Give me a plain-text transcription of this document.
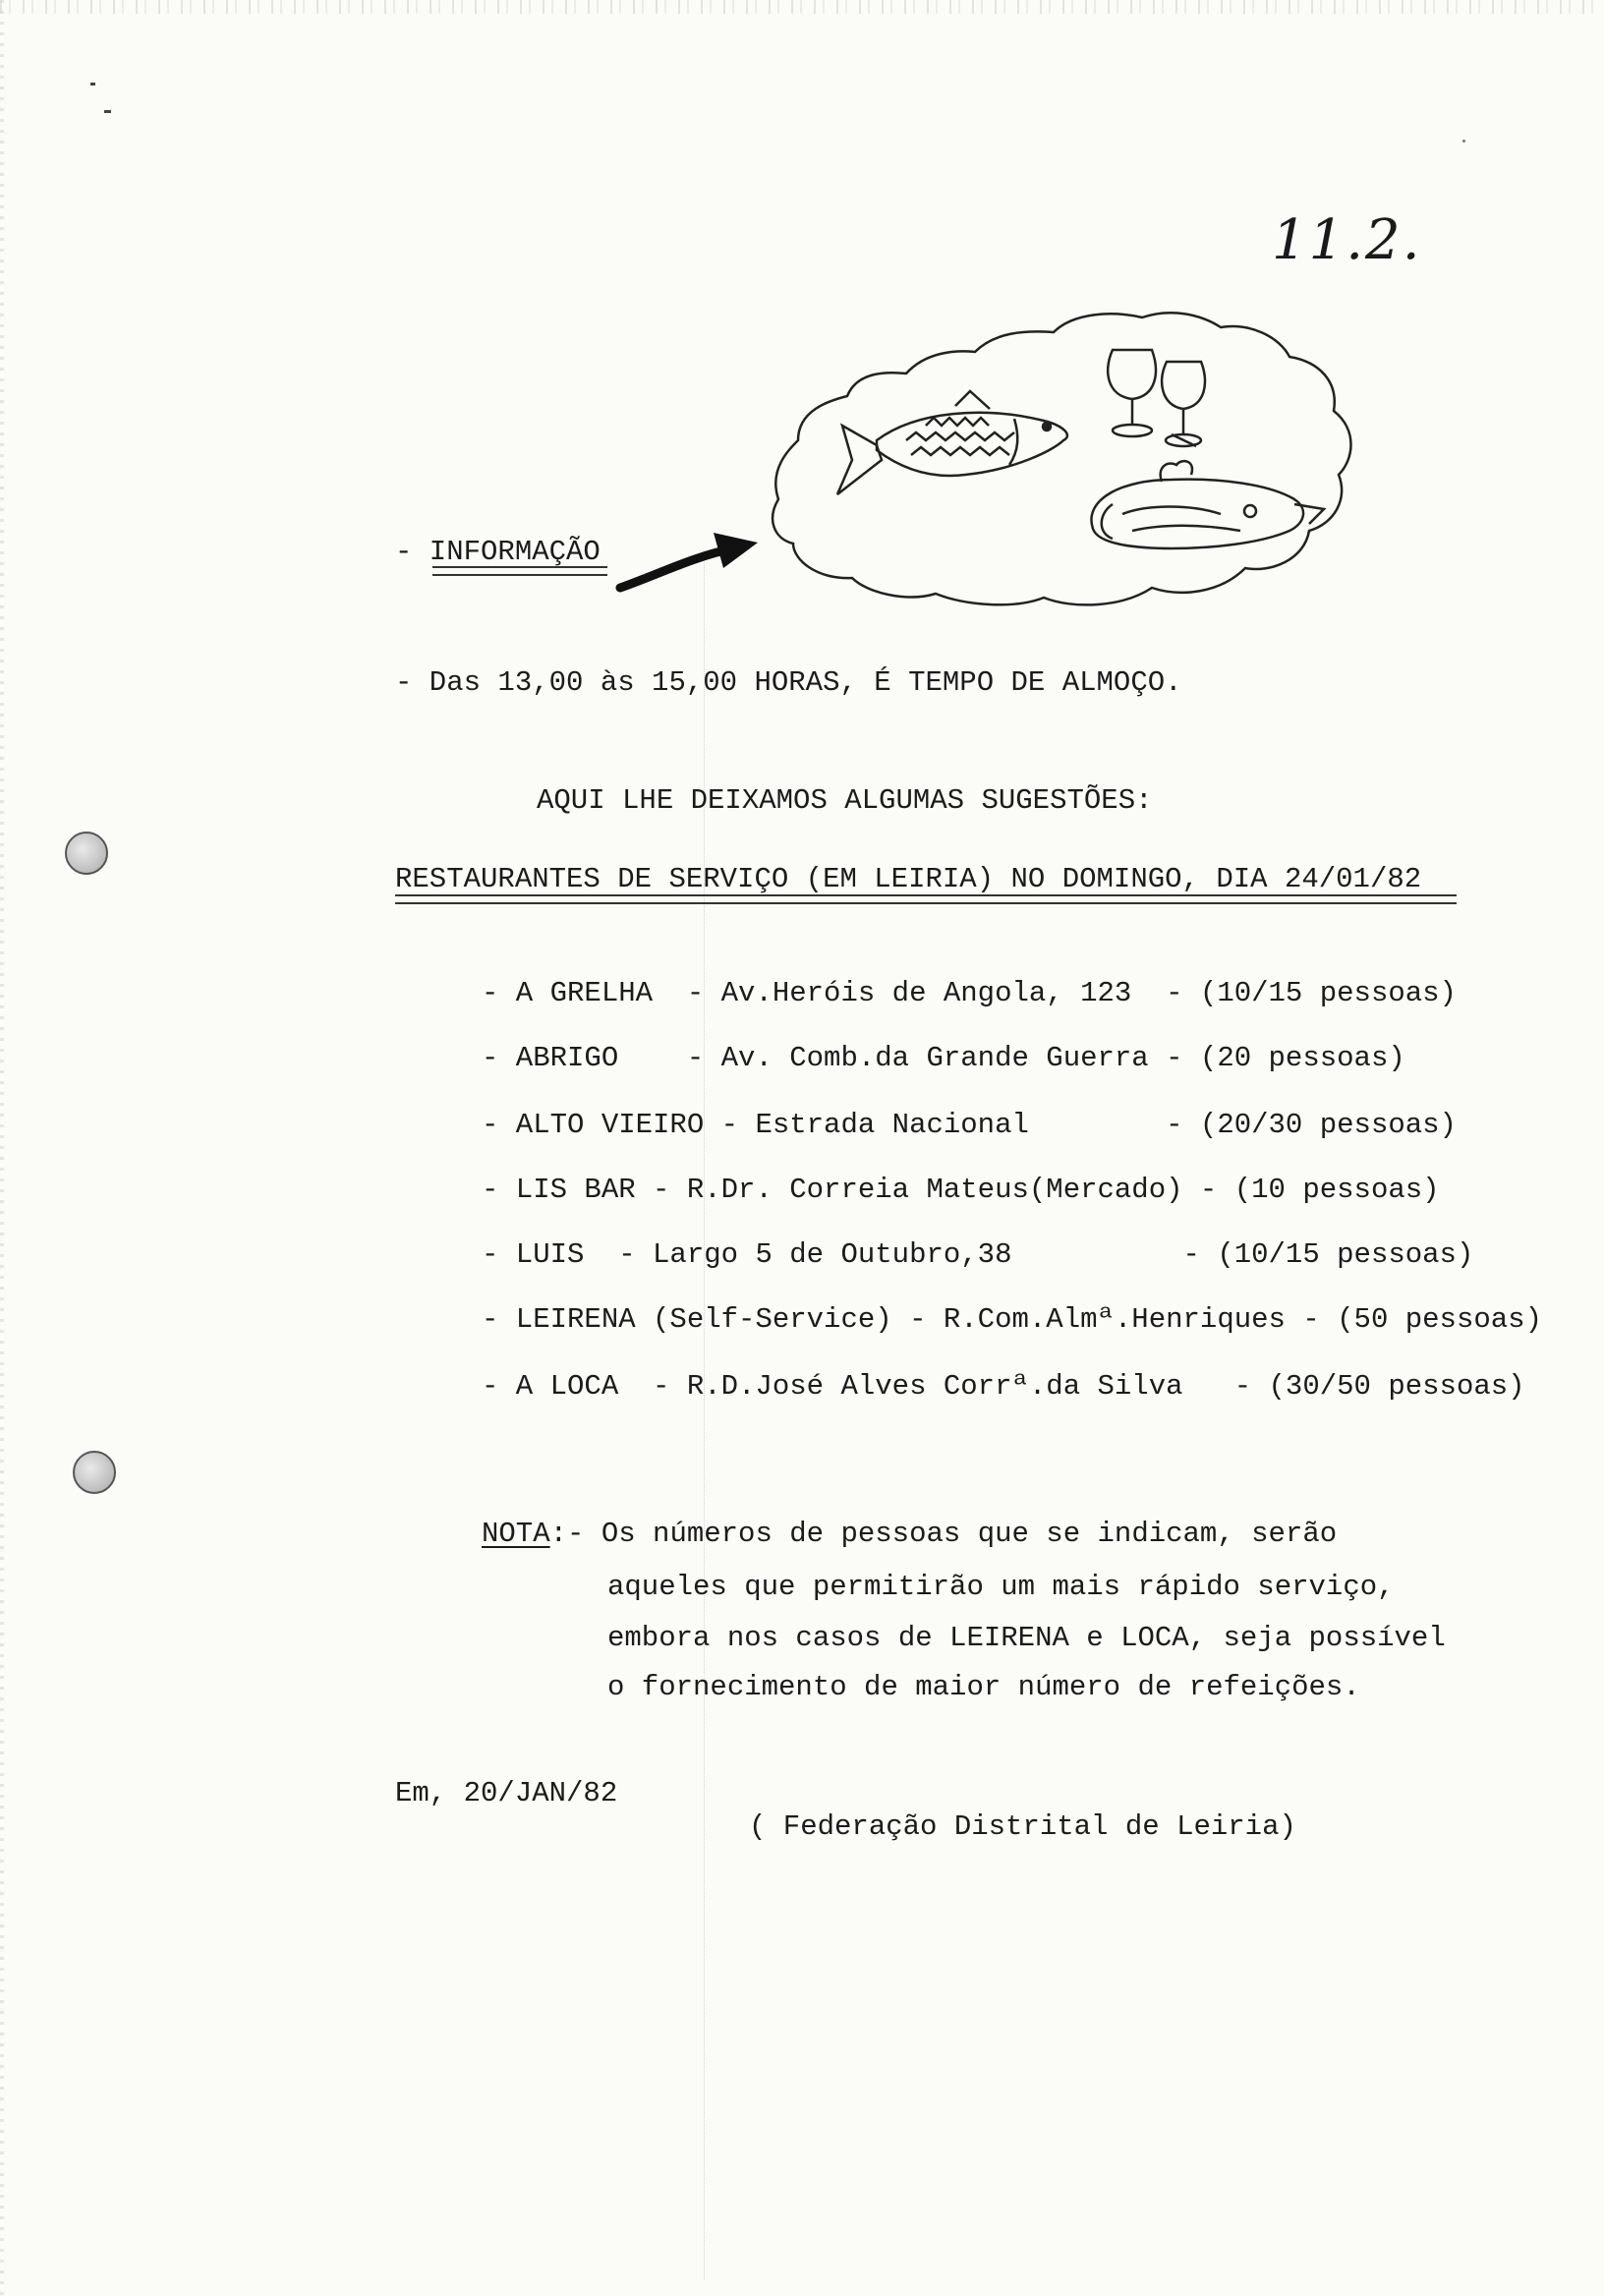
11.2.
- INFORMAÇÃO
- Das 13,00 às 15,00 HORAS, É TEMPO DE ALMOÇO.
AQUI LHE DEIXAMOS ALGUMAS SUGESTÕES:
RESTAURANTES DE SERVIÇO (EM LEIRIA) NO DOMINGO, DIA 24/01/82
- A GRELHA  - Av.Heróis de Angola, 123  - (10/15 pessoas)
- ABRIGO    - Av. Comb.da Grande Guerra - (20 pessoas)
- ALTO VIEIRO - Estrada Nacional        - (20/30 pessoas)
- LIS BAR - R.Dr. Correia Mateus(Mercado) - (10 pessoas)
- LUIS  - Largo 5 de Outubro,38          - (10/15 pessoas)
- LEIRENA (Self-Service) - R.Com.Almª.Henriques - (50 pessoas)
- A LOCA  - R.D.José Alves Corrª.da Silva   - (30/50 pessoas)
NOTA:- Os números de pessoas que se indicam, serão
aqueles que permitirão um mais rápido serviço,
embora nos casos de LEIRENA e LOCA, seja possível
o fornecimento de maior número de refeições.
Em, 20/JAN/82
( Federação Distrital de Leiria)
